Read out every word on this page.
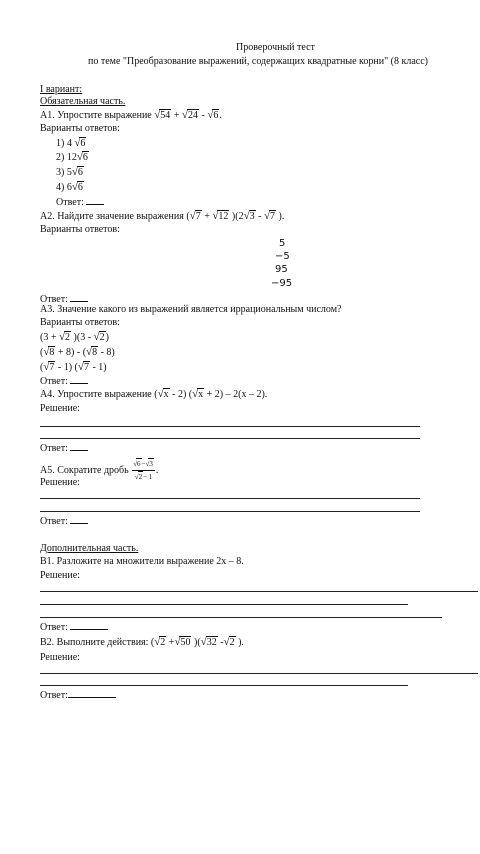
Проверочный тест
по теме "Преобразование выражений, содержащих квадратные корни" (8 класс)
I вариант:
Обязательная часть.
А1. Упростите выражение √54 + √24 - √6.
Варианты ответов:
1) 4 √6
2) 12√6
3) 5√6
4) 6√6
Ответ:
А2. Найдите значение выражения (√7 + √12 )(2√3 - √7 ).
Варианты ответов:
5
−5
95
−95
Ответ:
А3. Значение какого из выражений является иррациональным числом?
Варианты ответов:
(3 + √2 )(3 - √2)
(√8 + 8) - (√8 - 8)
(√7 - 1) (√7 - 1)
Ответ:
А4. Упростите выражение (√x - 2) (√x + 2) – 2(x – 2).
Решение:
Ответ:
А5. Сократите дробь $\frac{√6-√3}{√2- 1}$ .
Решение:
Ответ:
Дополнительная часть.
В1. Разложите на множители выражение 2х – 8.
Решение:
Ответ:
В2. Выполните действия: (√2 +√50 )(√32 -√2 ).
Решение:
Ответ:
